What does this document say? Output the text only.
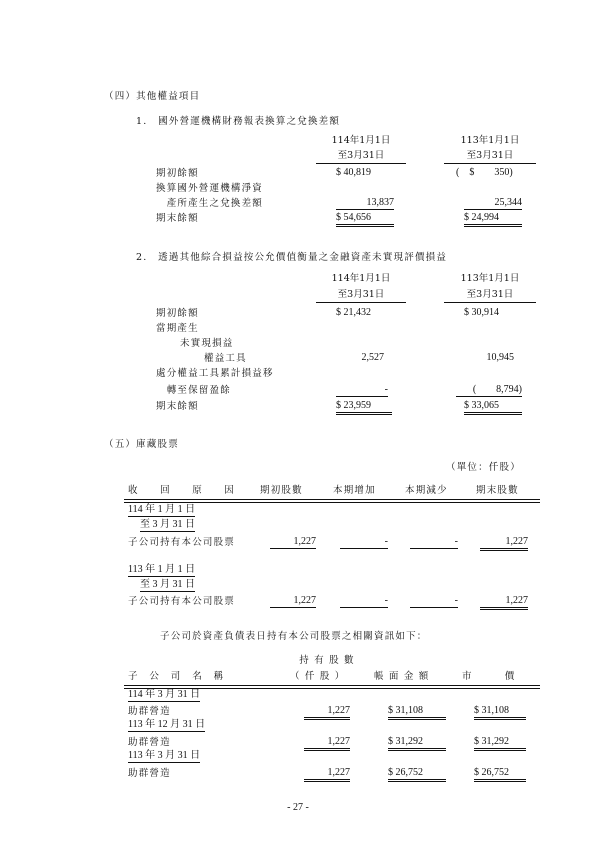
（四）其他權益項目
1.　國外營運機構財務報表換算之兌換差額
114年1月1日
至3月31日
113年1月1日
至3月31日
期初餘額	$ 40,819	(　$　　350)
換算國外營運機構淨資
　產所產生之兌換差額	13,837	25,344
期末餘額	$ 54,656	$ 24,994
2.　透過其他綜合損益按公允價值衡量之金融資產未實現評價損益
114年1月1日
至3月31日
113年1月1日
至3月31日
期初餘額	$ 21,432	$ 30,914
當期產生
未實現損益
權益工具	2,527	10,945
處分權益工具累計損益移
　轉至保留盈餘	-	(　　8,794)
期末餘額	$ 23,959	$ 33,065
（五）庫藏股票
（單位：仟股）
收　　回　　原　　因	期初股數	本期增加	本期減少	期末股數
114 年 1 月 1 日
至 3 月 31 日
子公司持有本公司股票	1,227	-	-	1,227
113 年 1 月 1 日
至 3 月 31 日
子公司持有本公司股票	1,227	-	-	1,227
子公司於資產負債表日持有本公司股票之相關資訊如下：
持 有 股 數
子　公　司　名　稱	（ 仟 股 ）	帳 面 金 額	市　　　價
114 年 3 月 31 日
助群營造	1,227	$ 31,108	$ 31,108
113 年 12 月 31 日
助群營造	1,227	$ 31,292	$ 31,292
113 年 3 月 31 日
助群營造	1,227	$ 26,752	$ 26,752
- 27 -
